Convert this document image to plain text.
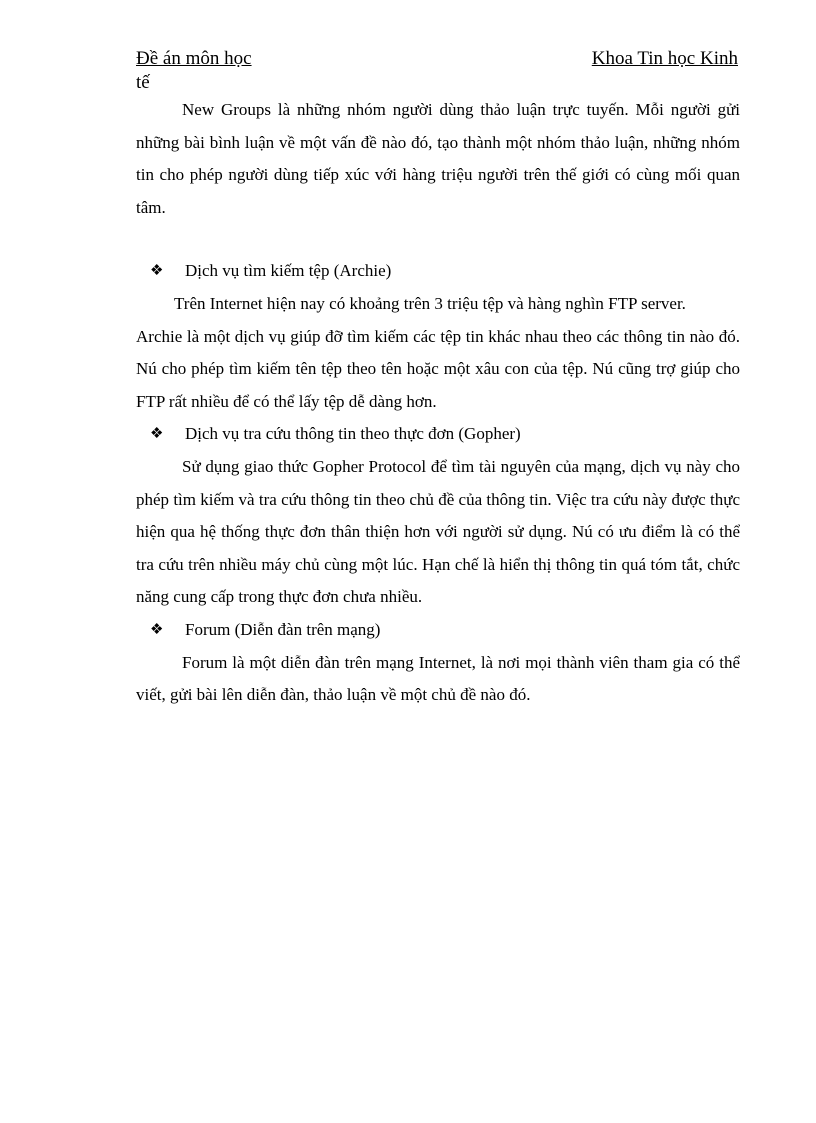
Đề án môn học	Khoa Tin học Kinh
tế

New Groups là những nhóm người dùng thảo luận trực tuyến. Mỗi người gửi những bài bình luận về một vấn đề nào đó, tạo thành một nhóm thảo luận, những nhóm tin cho phép người dùng tiếp xúc với hàng triệu người trên thế giới có cùng mối quan tâm.

❖ Dịch vụ tìm kiếm tệp (Archie)

Trên Internet hiện nay có khoảng trên 3 triệu tệp và hàng nghìn FTP server.

Archie là một dịch vụ giúp đỡ tìm kiếm các tệp tin khác nhau theo các thông tin nào đó. Nú cho phép tìm kiếm tên tệp theo tên hoặc một xâu con của tệp. Nú cũng trợ giúp cho FTP rất nhiều để có thể lấy tệp dễ dàng hơn.

❖ Dịch vụ tra cứu thông tin theo thực đơn (Gopher)

Sử dụng giao thức Gopher Protocol để tìm tài nguyên của mạng, dịch vụ này cho phép tìm kiếm và tra cứu thông tin theo chủ đề của thông tin. Việc tra cứu này được thực hiện qua hệ thống thực đơn thân thiện hơn với người sử dụng. Nú có ưu điểm là có thể tra cứu trên nhiều máy chủ cùng một lúc. Hạn chế là hiển thị thông tin quá tóm tắt, chức năng cung cấp trong thực đơn chưa nhiều.

❖ Forum (Diễn đàn trên mạng)

Forum là một diễn đàn trên mạng Internet, là nơi mọi thành viên tham gia có thể viết, gửi bài lên diễn đàn, thảo luận về một chủ đề nào đó.
